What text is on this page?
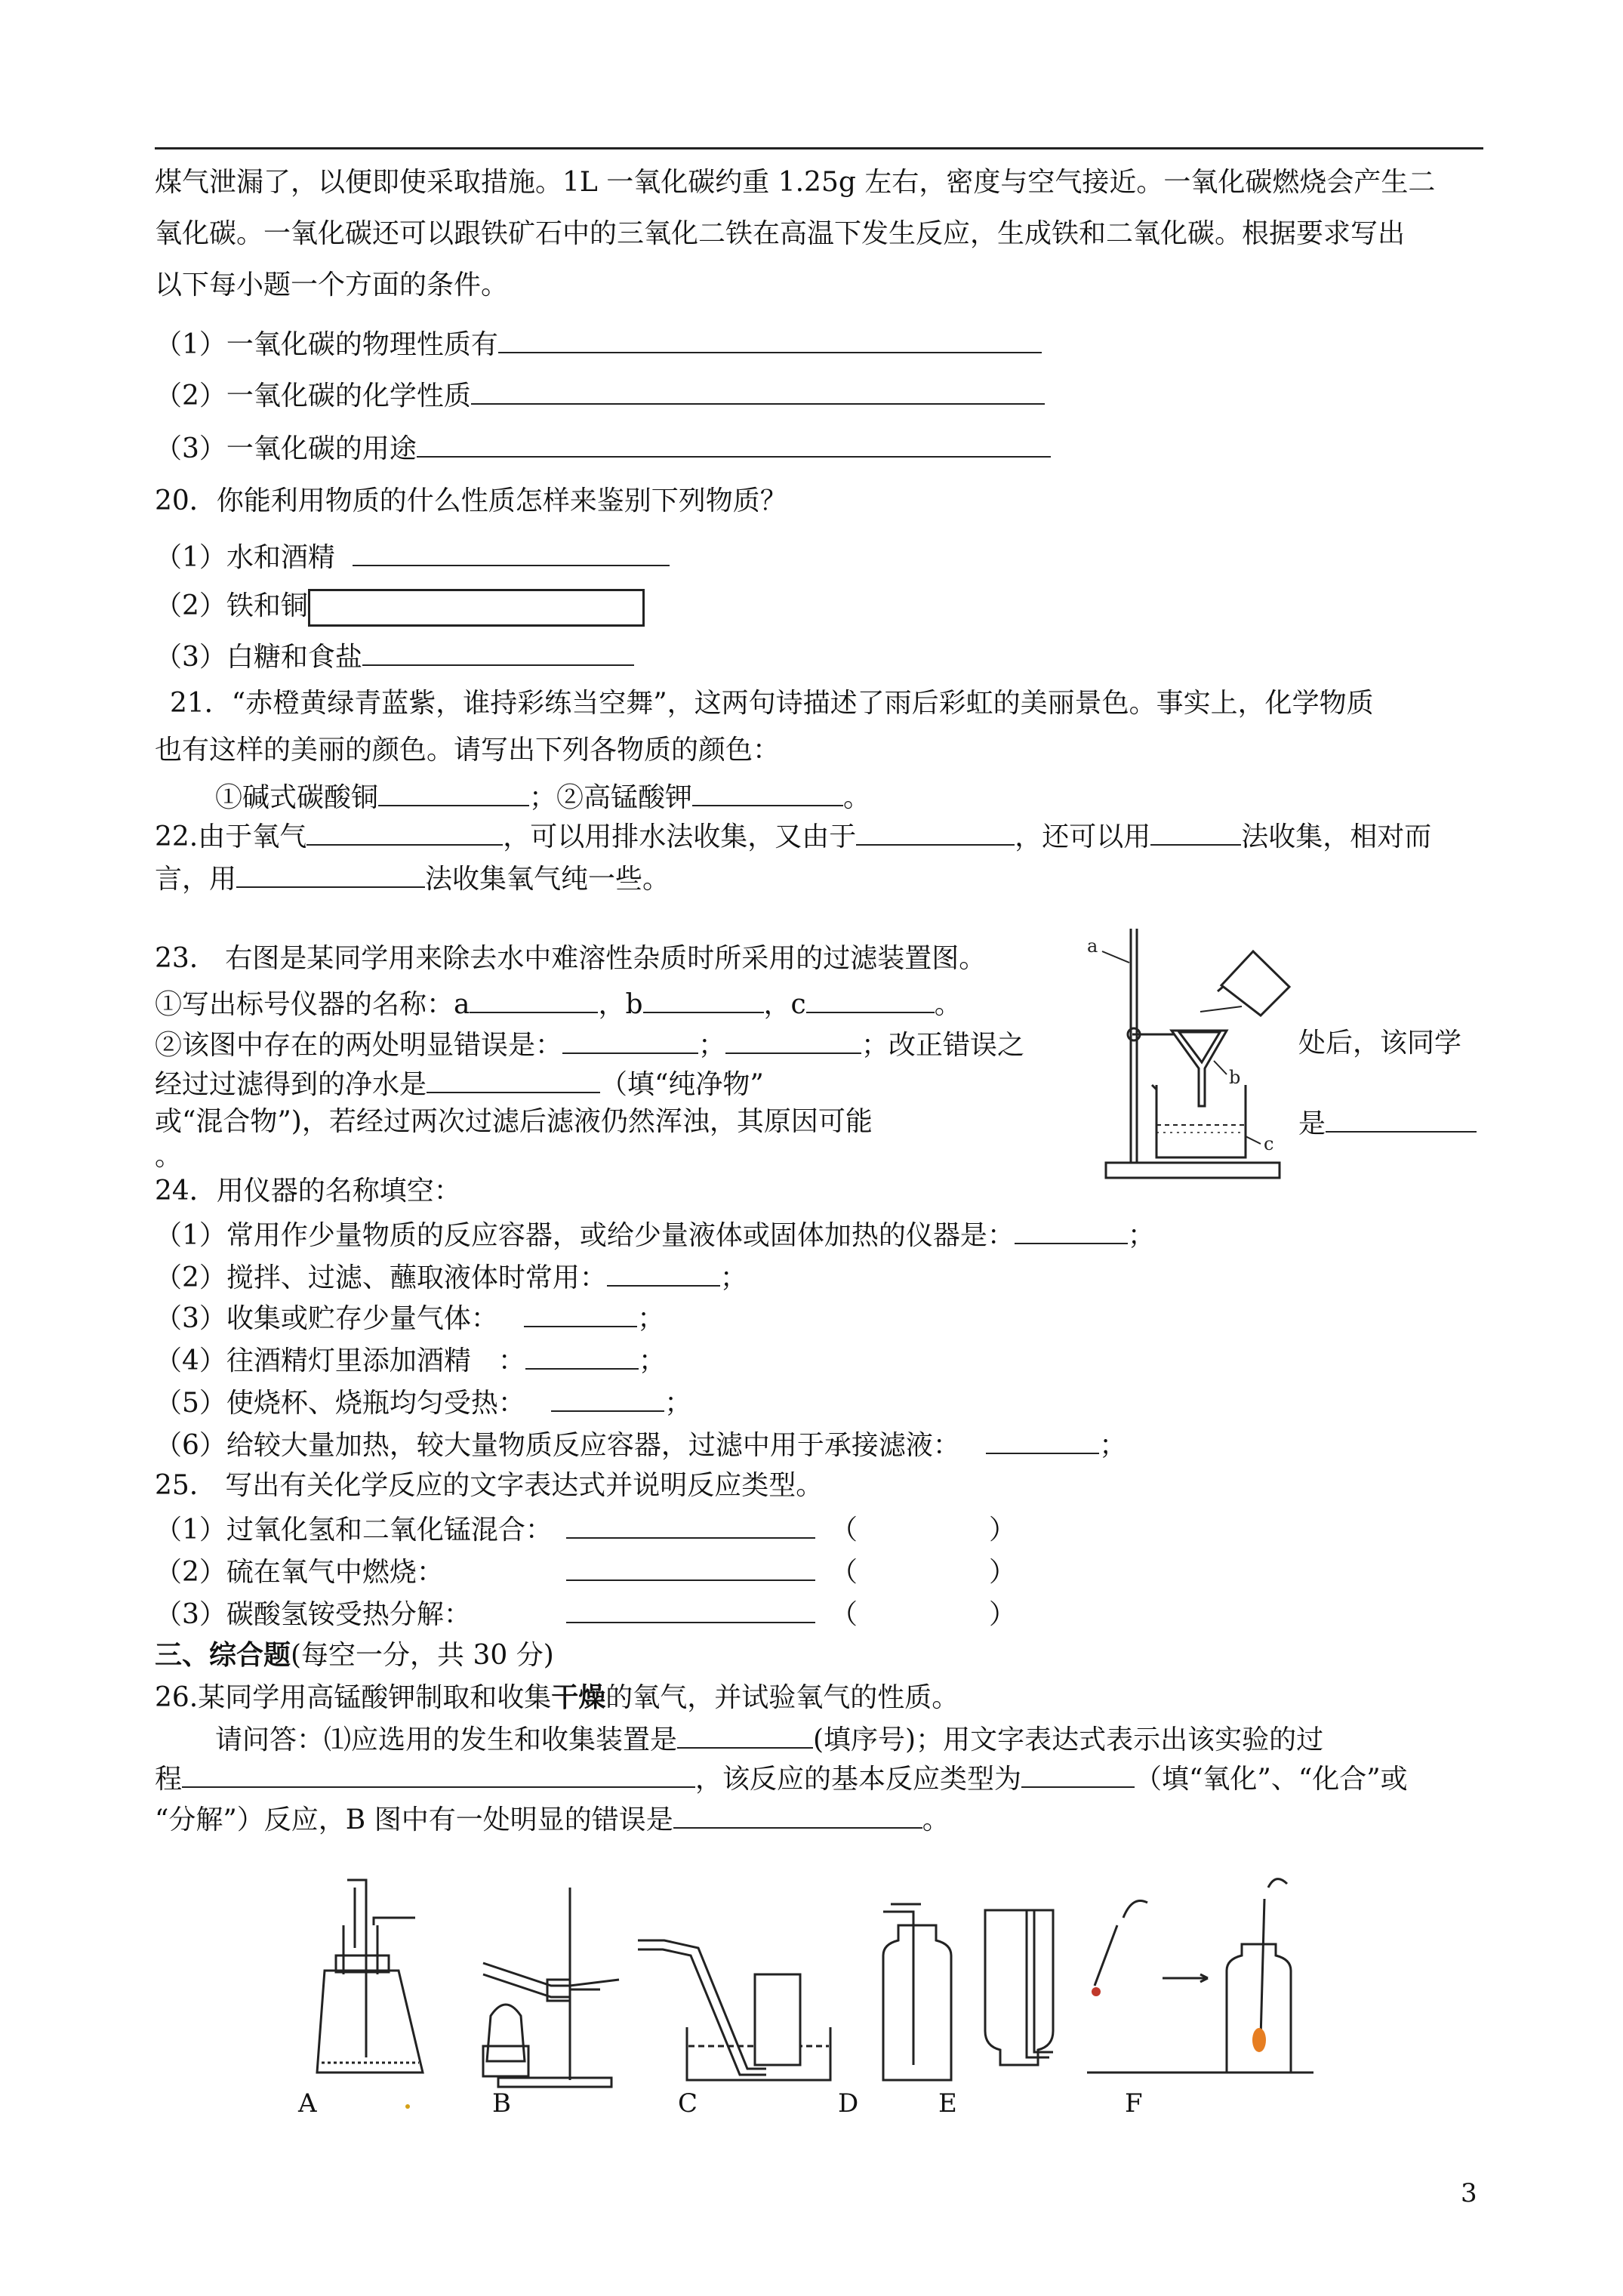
煤气泄漏了，以便即使采取措施。1L 一氧化碳约重 1.25g 左右，密度与空气接近。一氧化碳燃烧会产生二
氧化碳。一氧化碳还可以跟铁矿石中的三氧化二铁在高温下发生反应，生成铁和二氧化碳。根据要求写出
以下每小题一个方面的条件。
（1）一氧化碳的物理性质有
（2）一氧化碳的化学性质
（3）一氧化碳的用途
20．你能利用物质的什么性质怎样来鉴别下列物质？
（1）水和酒精
（2）铁和铜
（3）白糖和食盐
21．“赤橙黄绿青蓝紫，谁持彩练当空舞”，这两句诗描述了雨后彩虹的美丽景色。事实上，化学物质
也有这样的美丽的颜色。请写出下列各物质的颜色：
①碱式碳酸铜	；②高锰酸钾	。
22.由于氧气	，可以用排水法收集，又由于	，还可以用	法收集，相对而
言，用	法收集氧气纯一些。
23.　右图是某同学用来除去水中难溶性杂质时所采用的过滤装置图。
①写出标号仪器的名称：a	，b	，c	。
②该图中存在的两处明显错误是：	；	；改正错误之	处后，该同学
经过过滤得到的净水是	（填“纯净物”
或“混合物”)，若经过两次过滤后滤液仍然浑浊，其原因可能	是
。
a
b
c
24．用仪器的名称填空：
（1）常用作少量物质的反应容器，或给少量液体或固体加热的仪器是：	；
（2）搅拌、过滤、蘸取液体时常用：	；
（3）收集或贮存少量气体：	；
（4）往酒精灯里添加酒精　：	；
（5）使烧杯、烧瓶均匀受热：	；
（6）给较大量加热，较大量物质反应容器，过滤中用于承接滤液：	；
25.　写出有关化学反应的文字表达式并说明反应类型。
（1）过氧化氢和二氧化锰混合：	（	）
（2）硫在氧气中燃烧：	（	）
（3）碳酸氢铵受热分解：	（	）
三、综合题(每空一分，共 30 分)
26.某同学用高锰酸钾制取和收集干燥的氧气，并试验氧气的性质。
请问答：⑴应选用的发生和收集装置是	(填序号)；用文字表达式表示出该实验的过
程	，该反应的基本反应类型为	（填“氧化”、“化合”或
“分解”）反应，B 图中有一处明显的错误是	。
A	B	C	D	E	F
3
